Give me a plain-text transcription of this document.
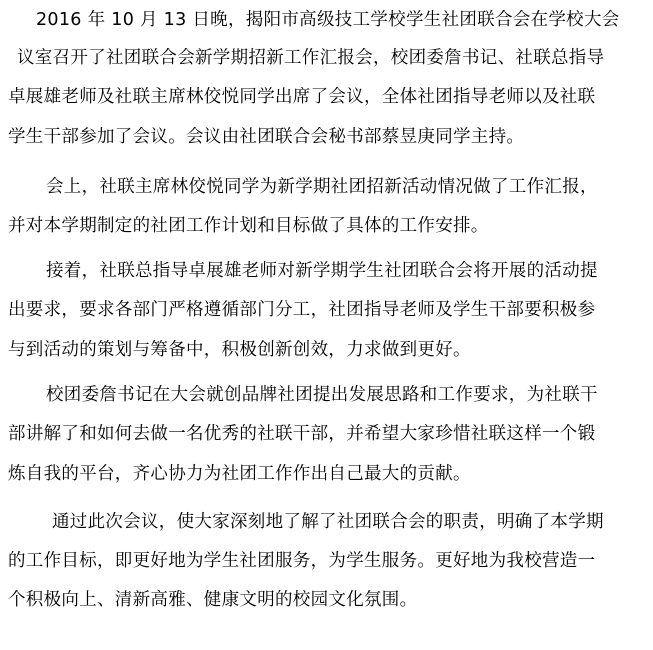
2016 年 10 月 13 日晚，揭阳市高级技工学校学生社团联合会在学校大会
议室召开了社团联合会新学期招新工作汇报会，校团委詹书记、社联总指导
卓展雄老师及社联主席林佼悦同学出席了会议，全体社团指导老师以及社联
学生干部参加了会议。会议由社团联合会秘书部蔡昱庚同学主持。
会上，社联主席林佼悦同学为新学期社团招新活动情况做了工作汇报，
并对本学期制定的社团工作计划和目标做了具体的工作安排。
接着，社联总指导卓展雄老师对新学期学生社团联合会将开展的活动提
出要求，要求各部门严格遵循部门分工，社团指导老师及学生干部要积极参
与到活动的策划与筹备中，积极创新创效，力求做到更好。
校团委詹书记在大会就创品牌社团提出发展思路和工作要求，为社联干
部讲解了和如何去做一名优秀的社联干部，并希望大家珍惜社联这样一个锻
炼自我的平台，齐心协力为社团工作作出自己最大的贡献。
通过此次会议，使大家深刻地了解了社团联合会的职责，明确了本学期
的工作目标，即更好地为学生社团服务，为学生服务。更好地为我校营造一
个积极向上、清新高雅、健康文明的校园文化氛围。
